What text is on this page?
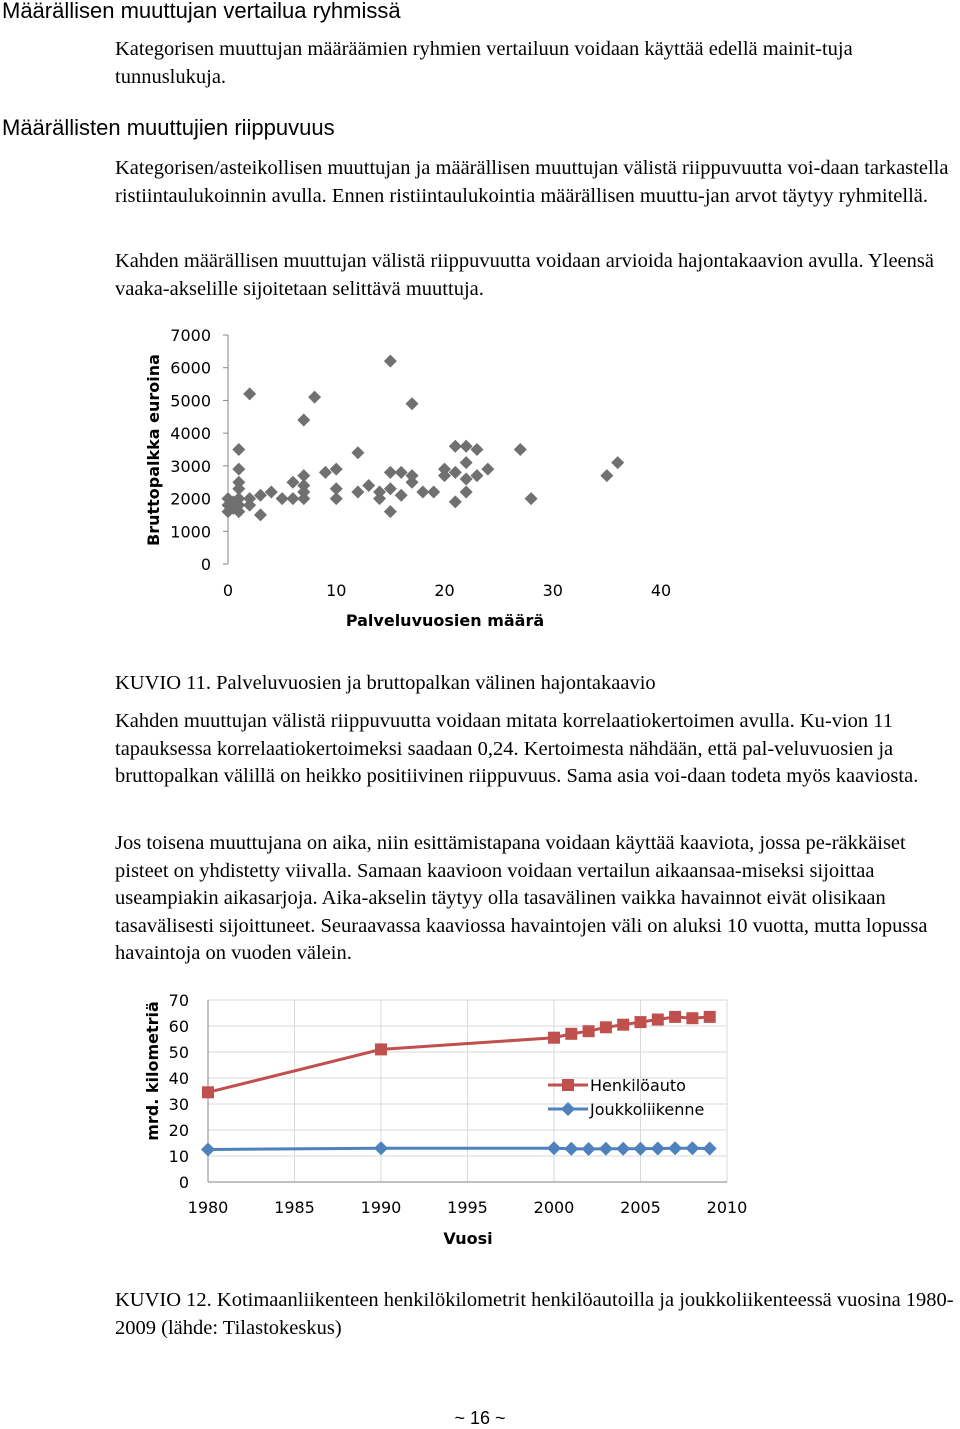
Määrällisen muuttujan vertailua ryhmissä

Kategorisen muuttujan määräämien ryhmien vertailuun voidaan käyttää edellä mainit-tuja tunnuslukuja.

Määrällisten muuttujien riippuvuus

Kategorisen/asteikollisen muuttujan ja määrällisen muuttujan välistä riippuvuutta voi-daan tarkastella ristiintaulukoinnin avulla. Ennen ristiintaulukointia määrällisen muuttu-jan arvot täytyy ryhmitellä.

Kahden määrällisen muuttujan välistä riippuvuutta voidaan arvioida hajontakaavion avulla. Yleensä vaaka-akselille sijoitetaan selittävä muuttuja.

0
1000
2000
3000
4000
5000
6000
7000
0	10	20	30	40
Palveluvuosien määrä
Bruttopalkka euroina

KUVIO 11. Palveluvuosien ja bruttopalkan välinen hajontakaavio

Kahden muuttujan välistä riippuvuutta voidaan mitata korrelaatiokertoimen avulla. Ku-vion 11 tapauksessa korrelaatiokertoimeksi saadaan 0,24. Kertoimesta nähdään, että pal-veluvuosien ja bruttopalkan välillä on heikko positiivinen riippuvuus. Sama asia voi-daan todeta myös kaaviosta.

Jos toisena muuttujana on aika, niin esittämistapana voidaan käyttää kaaviota, jossa pe-räkkäiset pisteet on yhdistetty viivalla. Samaan kaavioon voidaan vertailun aikaansaa-miseksi sijoittaa useampiakin aikasarjoja. Aika-akselin täytyy olla tasavälinen vaikka havainnot eivät olisikaan tasavälisesti sijoittuneet. Seuraavassa kaaviossa havaintojen väli on aluksi 10 vuotta, mutta lopussa havaintoja on vuoden välein.

1980	1985	1990	1995	2000	2005	2010
0
10
20
30
40
50
60
70
Vuosi
mrd. kilometriä	Henkilöauto
Joukkoliikenne

KUVIO 12. Kotimaanliikenteen henkilökilometrit henkilöautoilla ja joukkoliikenteessä vuosina 1980-2009 (lähde: Tilastokeskus)

~ 16 ~
